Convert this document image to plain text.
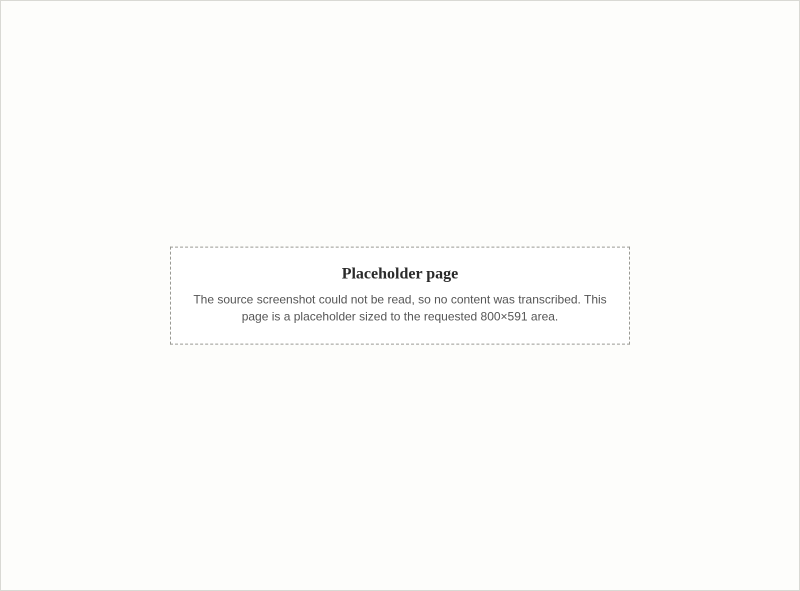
Placeholder page

The source screenshot could not be read, so no content was transcribed. This page is a placeholder sized to the requested 800×591 area.
